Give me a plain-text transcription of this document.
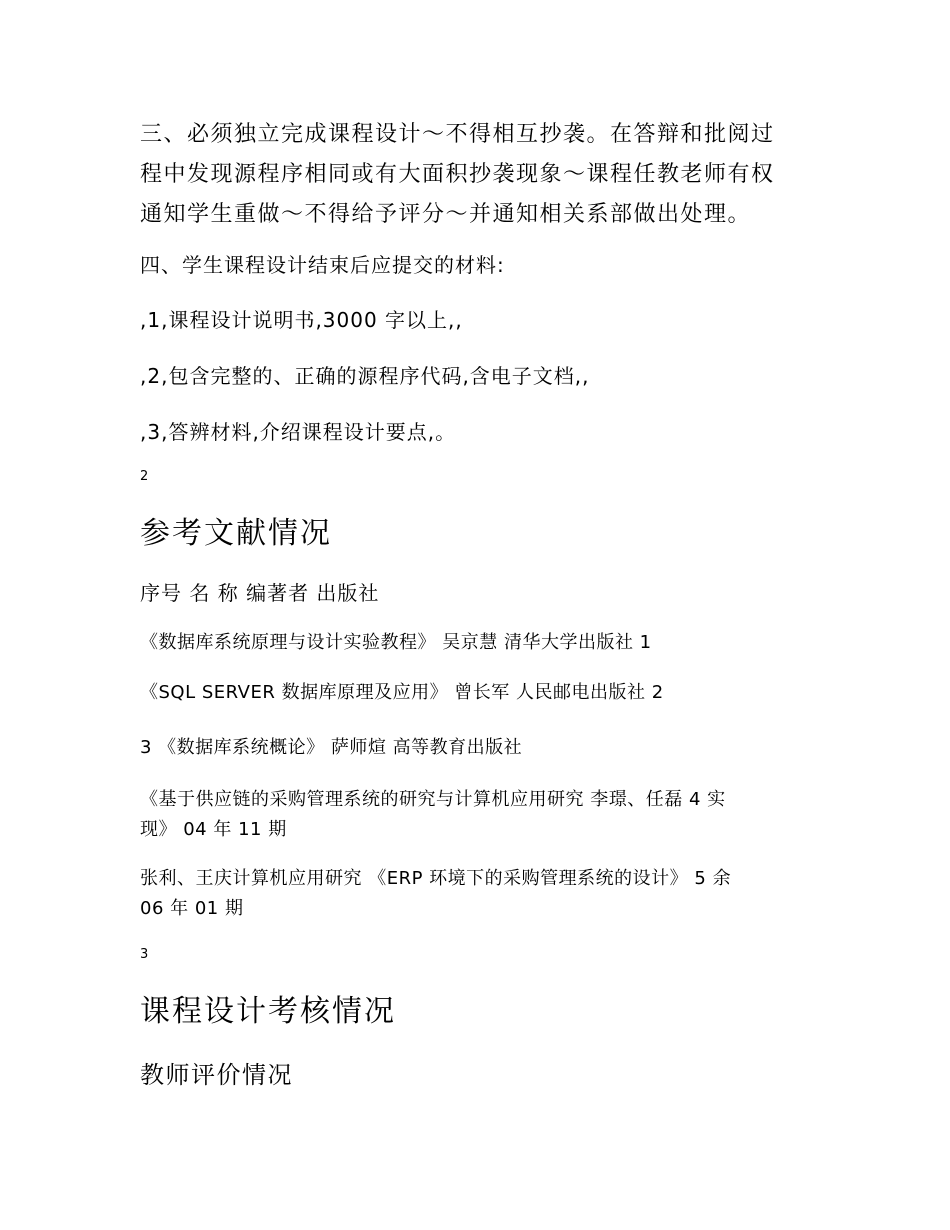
三、必须独立完成课程设计～不得相互抄袭。在答辩和批阅过
程中发现源程序相同或有大面积抄袭现象～课程任教老师有权
通知学生重做～不得给予评分～并通知相关系部做出处理。
四、学生课程设计结束后应提交的材料:
,1,课程设计说明书,3000 字以上,,
,2,包含完整的、正确的源程序代码,含电子文档,,
,3,答辨材料,介绍课程设计要点,。
2
参考文献情况
序号 名 称 编著者 出版社
《数据库系统原理与设计实验教程》 吴京慧 清华大学出版社 1
《SQL SERVER 数据库原理及应用》 曾长军 人民邮电出版社 2
3 《数据库系统概论》 萨师煊 高等教育出版社
《基于供应链的采购管理系统的研究与计算机应用研究 李璟、任磊 4 实
现》 04 年 11 期
张利、王庆计算机应用研究 《ERP 环境下的采购管理系统的设计》 5 余
06 年 01 期
3
课程设计考核情况
教师评价情况
